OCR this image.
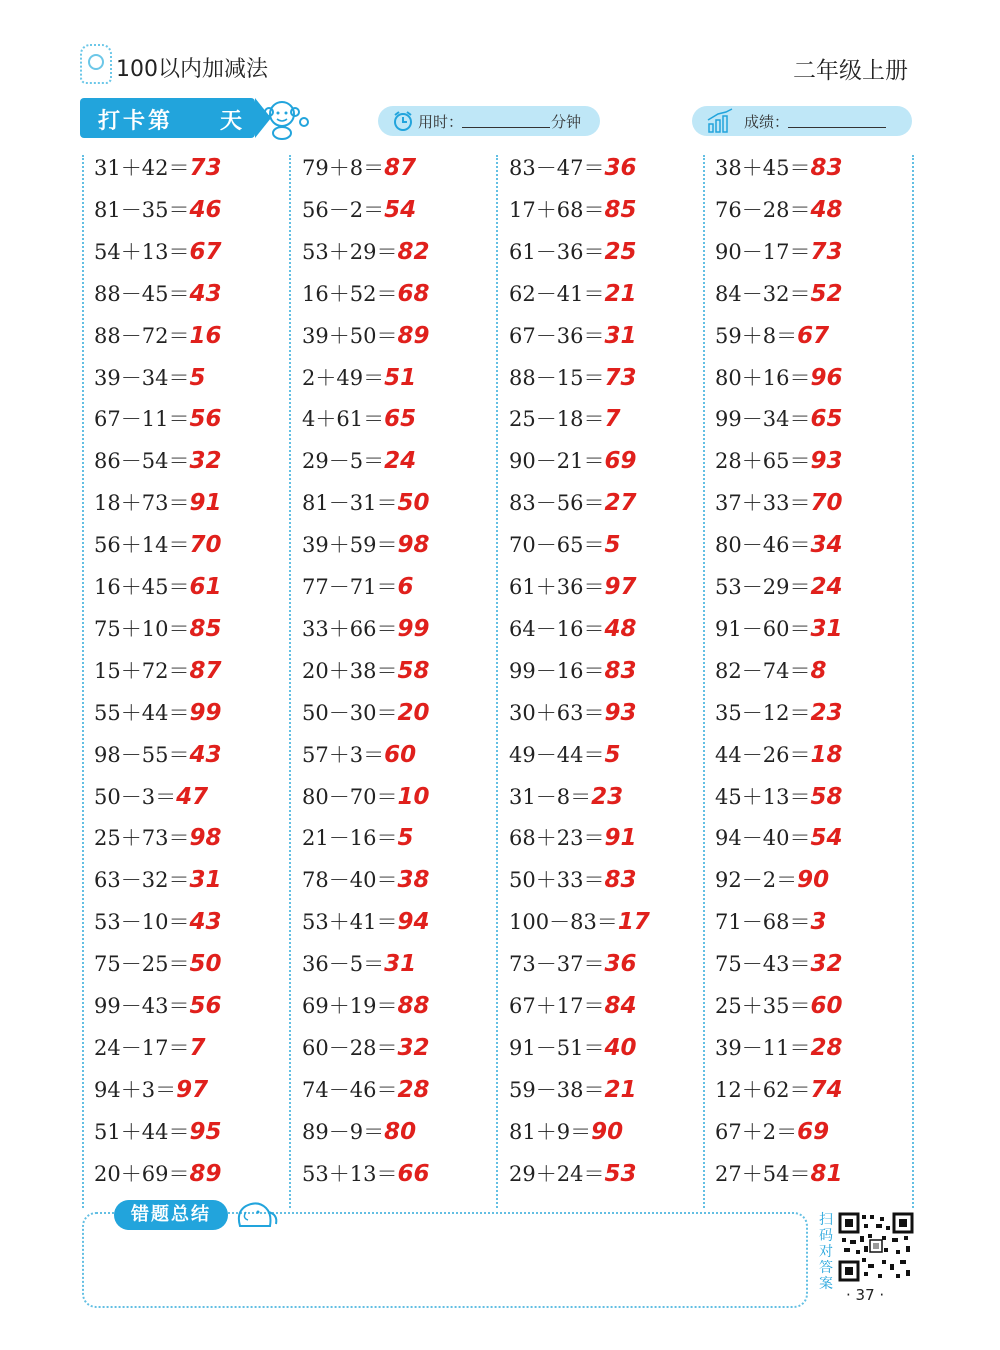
100以内加减法	二年级上册
打卡第 天	用时：	分钟	成绩：
31＋42＝73
81－35＝46
54＋13＝67
88－45＝43
88－72＝16
39－34＝5
67－11＝56
86－54＝32
18＋73＝91
56＋14＝70
16＋45＝61
75＋10＝85
15＋72＝87
55＋44＝99
98－55＝43
50－3＝47
25＋73＝98
63－32＝31
53－10＝43
75－25＝50
99－43＝56
24－17＝7
94＋3＝97
51＋44＝95
20＋69＝89
79＋8＝87
56－2＝54
53＋29＝82
16＋52＝68
39＋50＝89
2＋49＝51
4＋61＝65
29－5＝24
81－31＝50
39＋59＝98
77－71＝6
33＋66＝99
20＋38＝58
50－30＝20
57＋3＝60
80－70＝10
21－16＝5
78－40＝38
53＋41＝94
36－5＝31
69＋19＝88
60－28＝32
74－46＝28
89－9＝80
53＋13＝66
83－47＝36
17＋68＝85
61－36＝25
62－41＝21
67－36＝31
88－15＝73
25－18＝7
90－21＝69
83－56＝27
70－65＝5
61＋36＝97
64－16＝48
99－16＝83
30＋63＝93
49－44＝5
31－8＝23
68＋23＝91
50＋33＝83
100－83＝17
73－37＝36
67＋17＝84
91－51＝40
59－38＝21
81＋9＝90
29＋24＝53
38＋45＝83
76－28＝48
90－17＝73
84－32＝52
59＋8＝67
80＋16＝96
99－34＝65
28＋65＝93
37＋33＝70
80－46＝34
53－29＝24
91－60＝31
82－74＝8
35－12＝23
44－26＝18
45＋13＝58
94－40＝54
92－2＝90
71－68＝3
75－43＝32
25＋35＝60
39－11＝28
12＋62＝74
67＋2＝69
27＋54＝81
错题总结	扫
码
对
答
案
· 37 ·
